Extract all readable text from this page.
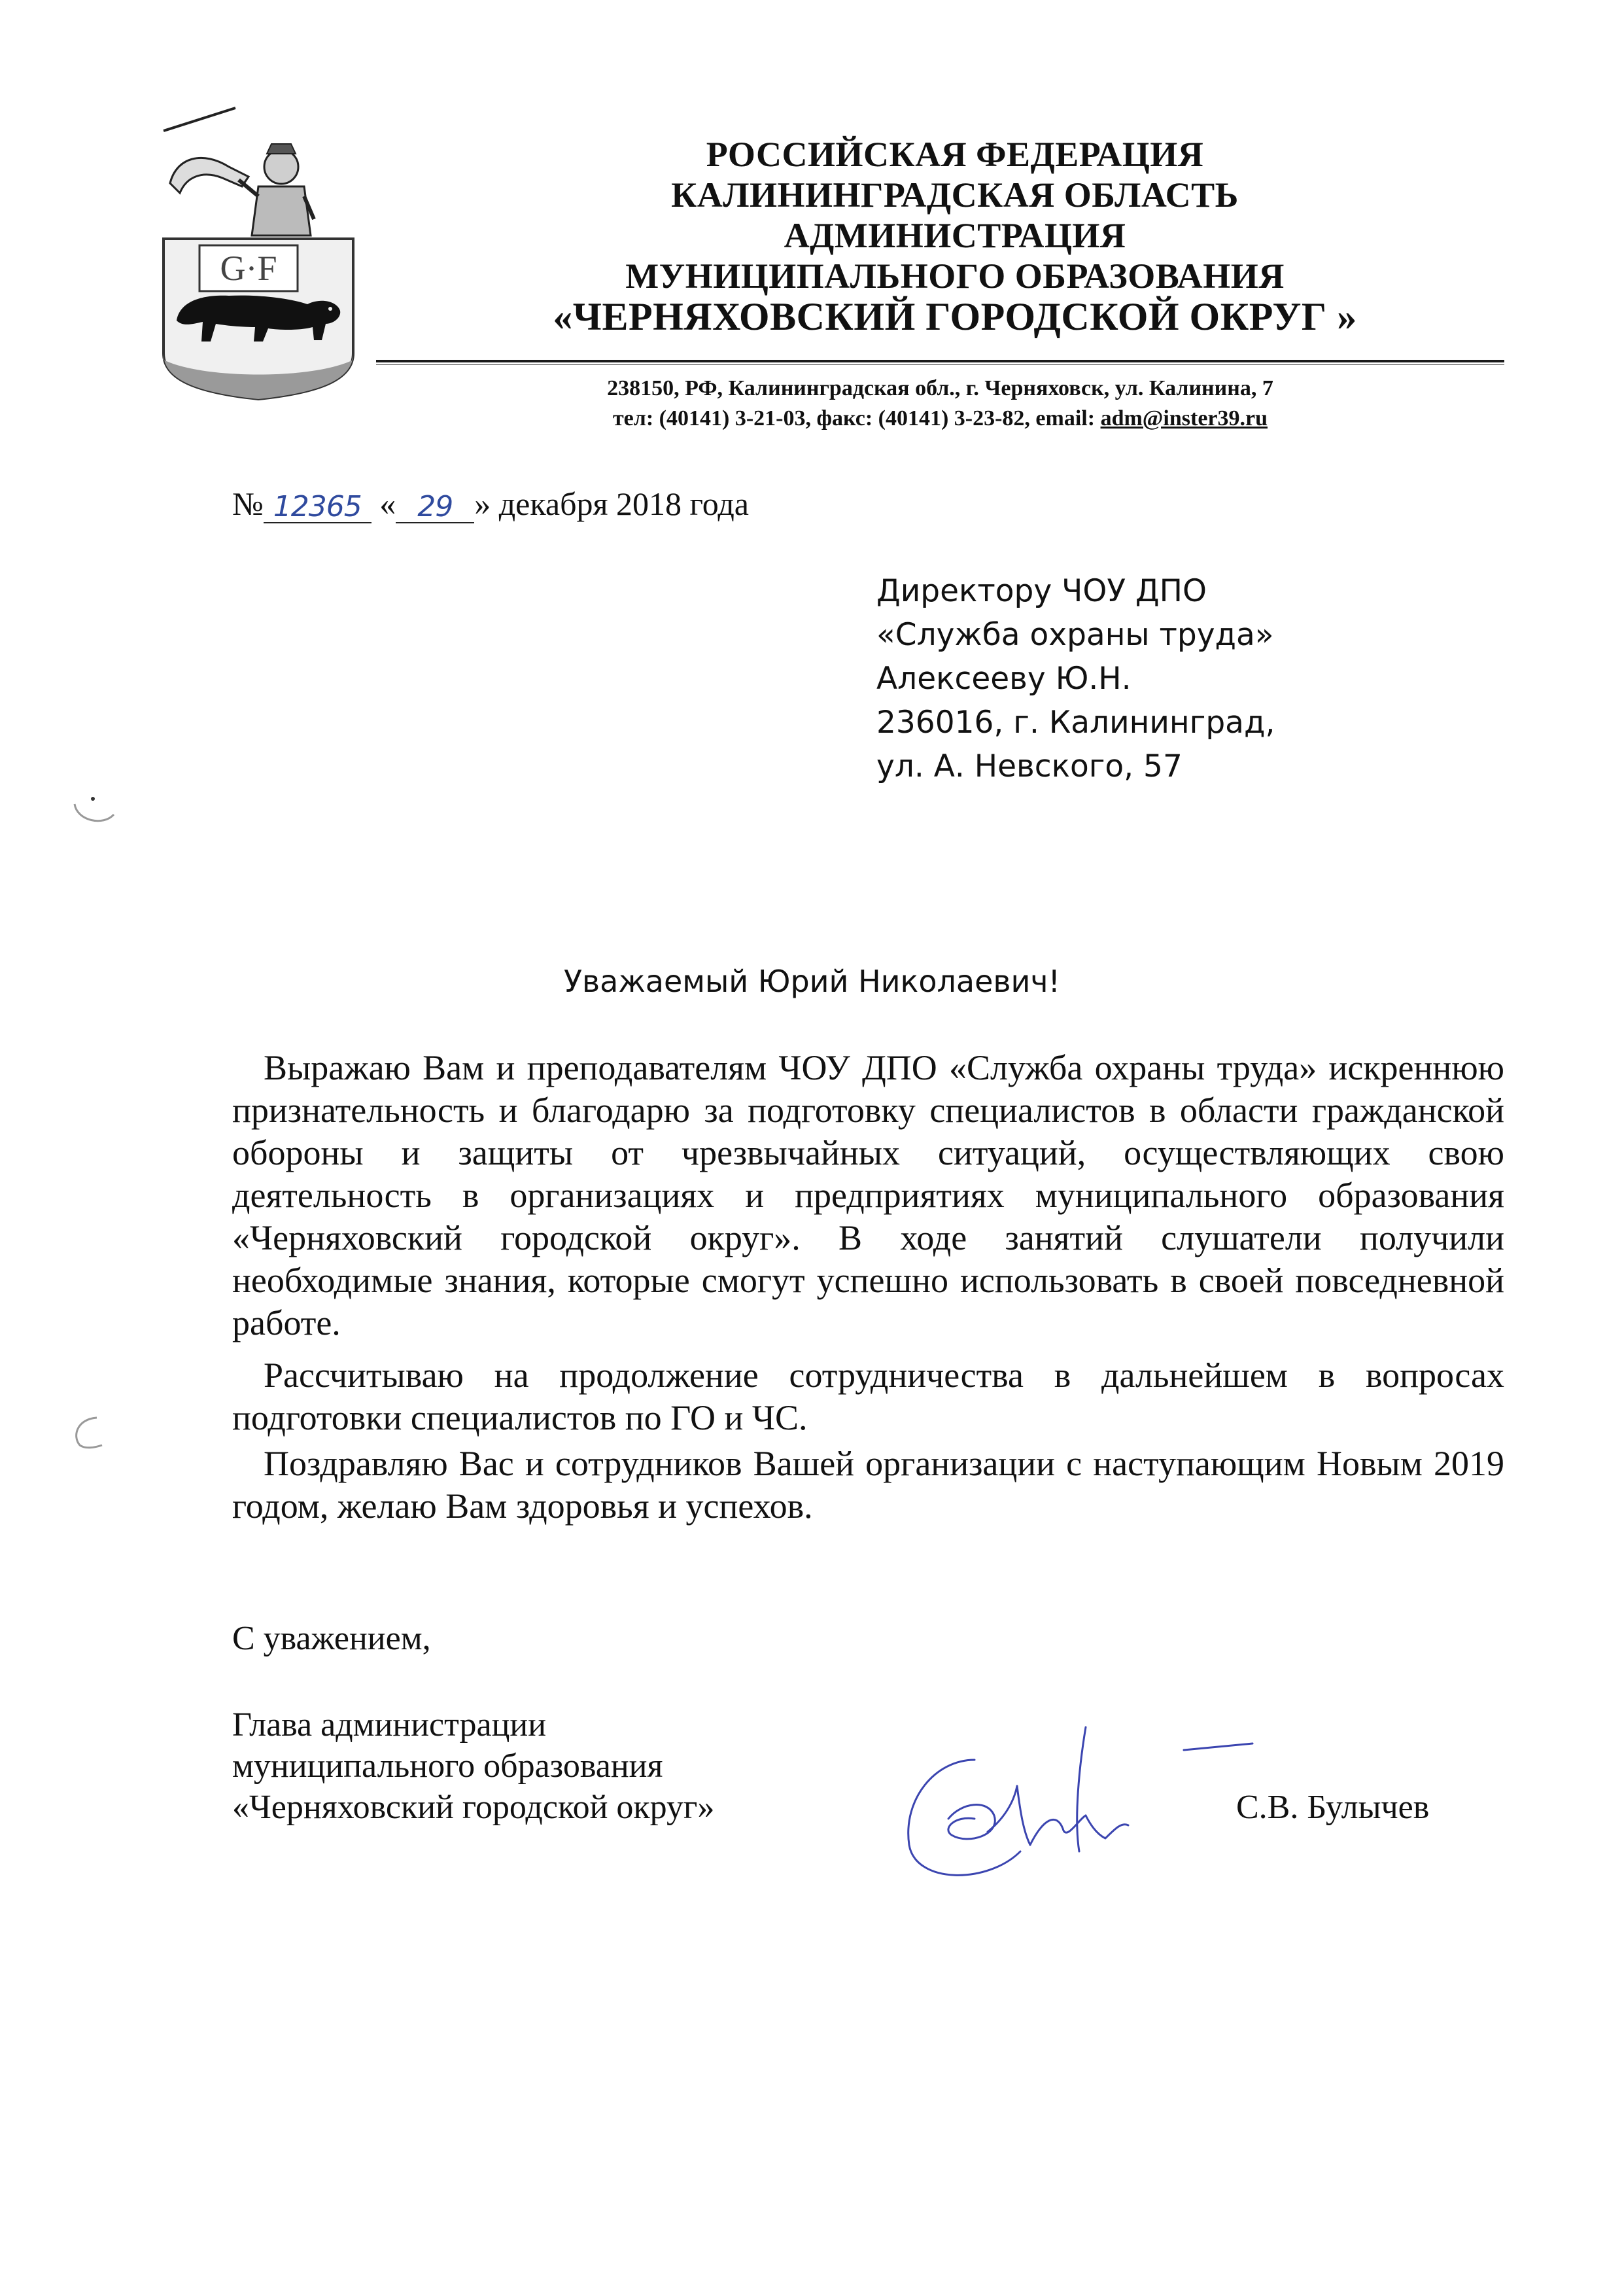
G·F
РОССИЙСКАЯ ФЕДЕРАЦИЯ
КАЛИНИНГРАДСКАЯ ОБЛАСТЬ
АДМИНИСТРАЦИЯ
МУНИЦИПАЛЬНОГО ОБРАЗОВАНИЯ
«ЧЕРНЯХОВСКИЙ ГОРОДСКОЙ ОКРУГ »
238150, РФ, Калининградская обл., г. Черняховск, ул. Калинина, 7
тел: (40141) 3-21-03, факс: (40141) 3-23-82, email: adm@inster39.ru
№ 12365 « 29 » декабря 2018 года
Директору ЧОУ ДПО
«Служба охраны труда»
Алексееву Ю.Н.
236016, г. Калининград,
ул. А. Невского, 57
Уважаемый Юрий Николаевич!

Выражаю Вам и преподавателям ЧОУ ДПО «Служба охраны труда» искреннюю признательность и благодарю за подготовку специалистов в области гражданской обороны и защиты от чрезвычайных ситуаций, осуществляющих свою деятельность в организациях и предприятиях муниципального образования «Черняховский городской округ». В ходе занятий слушатели получили необходимые знания, которые смогут успешно использовать в своей повседневной работе.

Рассчитываю на продолжение сотрудничества в дальнейшем в вопросах подготовки специалистов по ГО и ЧС.

Поздравляю Вас и сотрудников Вашей организации с наступающим Новым 2019 годом, желаю Вам здоровья и успехов.

С уважением,
Глава администрации
муниципального образования
«Черняховский городской округ»	С.В. Булычев
